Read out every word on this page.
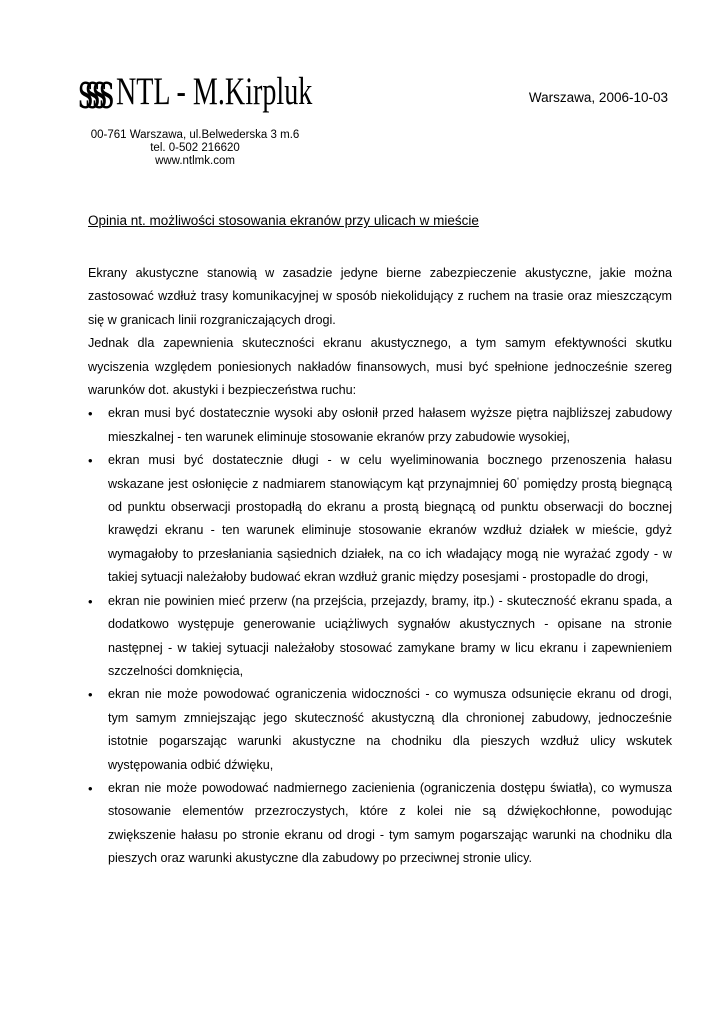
ssss NTL - M.Kirpluk
00-761 Warszawa, ul.Belwederska 3 m.6
tel. 0-502 216620
www.ntlmk.com
Warszawa, 2006-10-03
Opinia nt. możliwości stosowania ekranów przy ulicach w mieście

Ekrany akustyczne stanowią w zasadzie jedyne bierne zabezpieczenie akustyczne, jakie można zastosować wzdłuż trasy komunikacyjnej w sposób niekolidujący z ruchem na trasie oraz mieszczącym się w granicach linii rozgraniczających drogi.

Jednak dla zapewnienia skuteczności ekranu akustycznego, a tym samym efektywności skutku wyciszenia względem poniesionych nakładów finansowych, musi być spełnione jednocześnie szereg warunków dot. akustyki i bezpieczeństwa ruchu:

• ekran musi być dostatecznie wysoki aby osłonił przed hałasem wyższe piętra najbliższej zabudowy mieszkalnej - ten warunek eliminuje stosowanie ekranów przy zabudowie wysokiej,
• ekran musi być dostatecznie długi - w celu wyeliminowania bocznego przenoszenia hałasu wskazane jest osłonięcie z nadmiarem stanowiącym kąt przynajmniej 60° pomiędzy prostą biegnącą od punktu obserwacji prostopadłą do ekranu a prostą biegnącą od punktu obserwacji do bocznej krawędzi ekranu - ten warunek eliminuje stosowanie ekranów wzdłuż działek w mieście, gdyż wymagałoby to przesłaniania sąsiednich działek, na co ich władający mogą nie wyrażać zgody - w takiej sytuacji należałoby budować ekran wzdłuż granic między posesjami - prostopadle do drogi,
• ekran nie powinien mieć przerw (na przejścia, przejazdy, bramy, itp.) - skuteczność ekranu spada, a dodatkowo występuje generowanie uciążliwych sygnałów akustycznych - opisane na stronie następnej - w takiej sytuacji należałoby stosować zamykane bramy w licu ekranu i zapewnieniem szczelności domknięcia,
• ekran nie może powodować ograniczenia widoczności - co wymusza odsunięcie ekranu od drogi, tym samym zmniejszając jego skuteczność akustyczną dla chronionej zabudowy, jednocześnie istotnie pogarszając warunki akustyczne na chodniku dla pieszych wzdłuż ulicy wskutek występowania odbić dźwięku,
• ekran nie może powodować nadmiernego zacienienia (ograniczenia dostępu światła), co wymusza stosowanie elementów przezroczystych, które z kolei nie są dźwiękochłonne, powodując zwiększenie hałasu po stronie ekranu od drogi - tym samym pogarszając warunki na chodniku dla pieszych oraz warunki akustyczne dla zabudowy po przeciwnej stronie ulicy.
